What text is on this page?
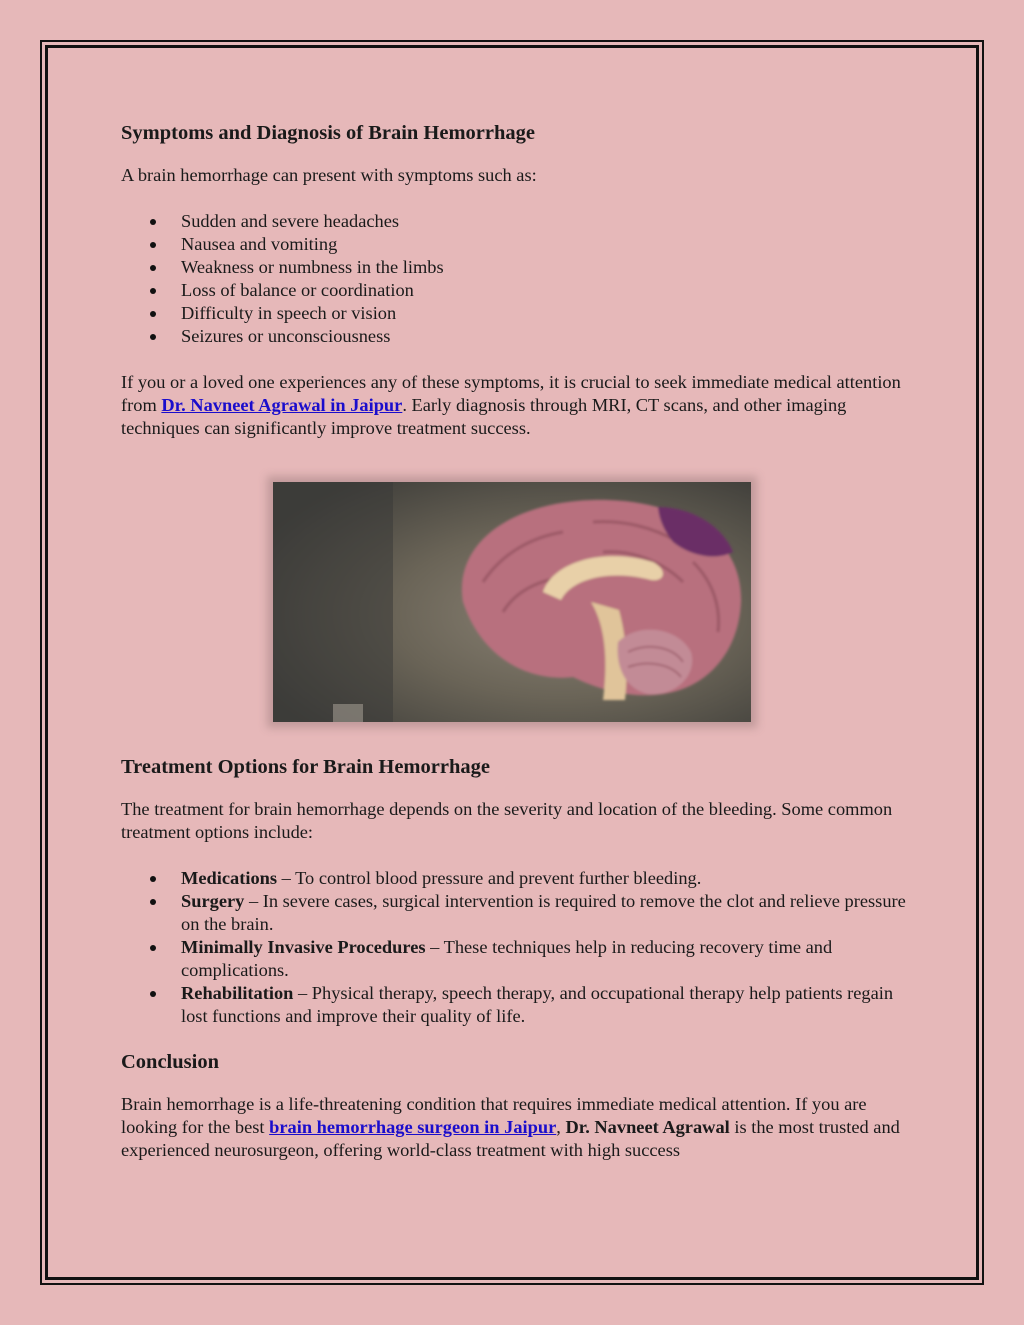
Symptoms and Diagnosis of Brain Hemorrhage

A brain hemorrhage can present with symptoms such as:

Sudden and severe headaches
Nausea and vomiting
Weakness or numbness in the limbs
Loss of balance or coordination
Difficulty in speech or vision
Seizures or unconsciousness

If you or a loved one experiences any of these symptoms, it is crucial to seek immediate medical attention from Dr. Navneet Agrawal in Jaipur. Early diagnosis through MRI, CT scans, and other imaging techniques can significantly improve treatment success.

Treatment Options for Brain Hemorrhage

The treatment for brain hemorrhage depends on the severity and location of the bleeding. Some common treatment options include:

Medications – To control blood pressure and prevent further bleeding.
Surgery – In severe cases, surgical intervention is required to remove the clot and relieve pressure on the brain.
Minimally Invasive Procedures – These techniques help in reducing recovery time and complications.
Rehabilitation – Physical therapy, speech therapy, and occupational therapy help patients regain lost functions and improve their quality of life.
Conclusion

Brain hemorrhage is a life-threatening condition that requires immediate medical attention. If you are looking for the best brain hemorrhage surgeon in Jaipur, Dr. Navneet Agrawal is the most trusted and experienced neurosurgeon, offering world-class treatment with high success
